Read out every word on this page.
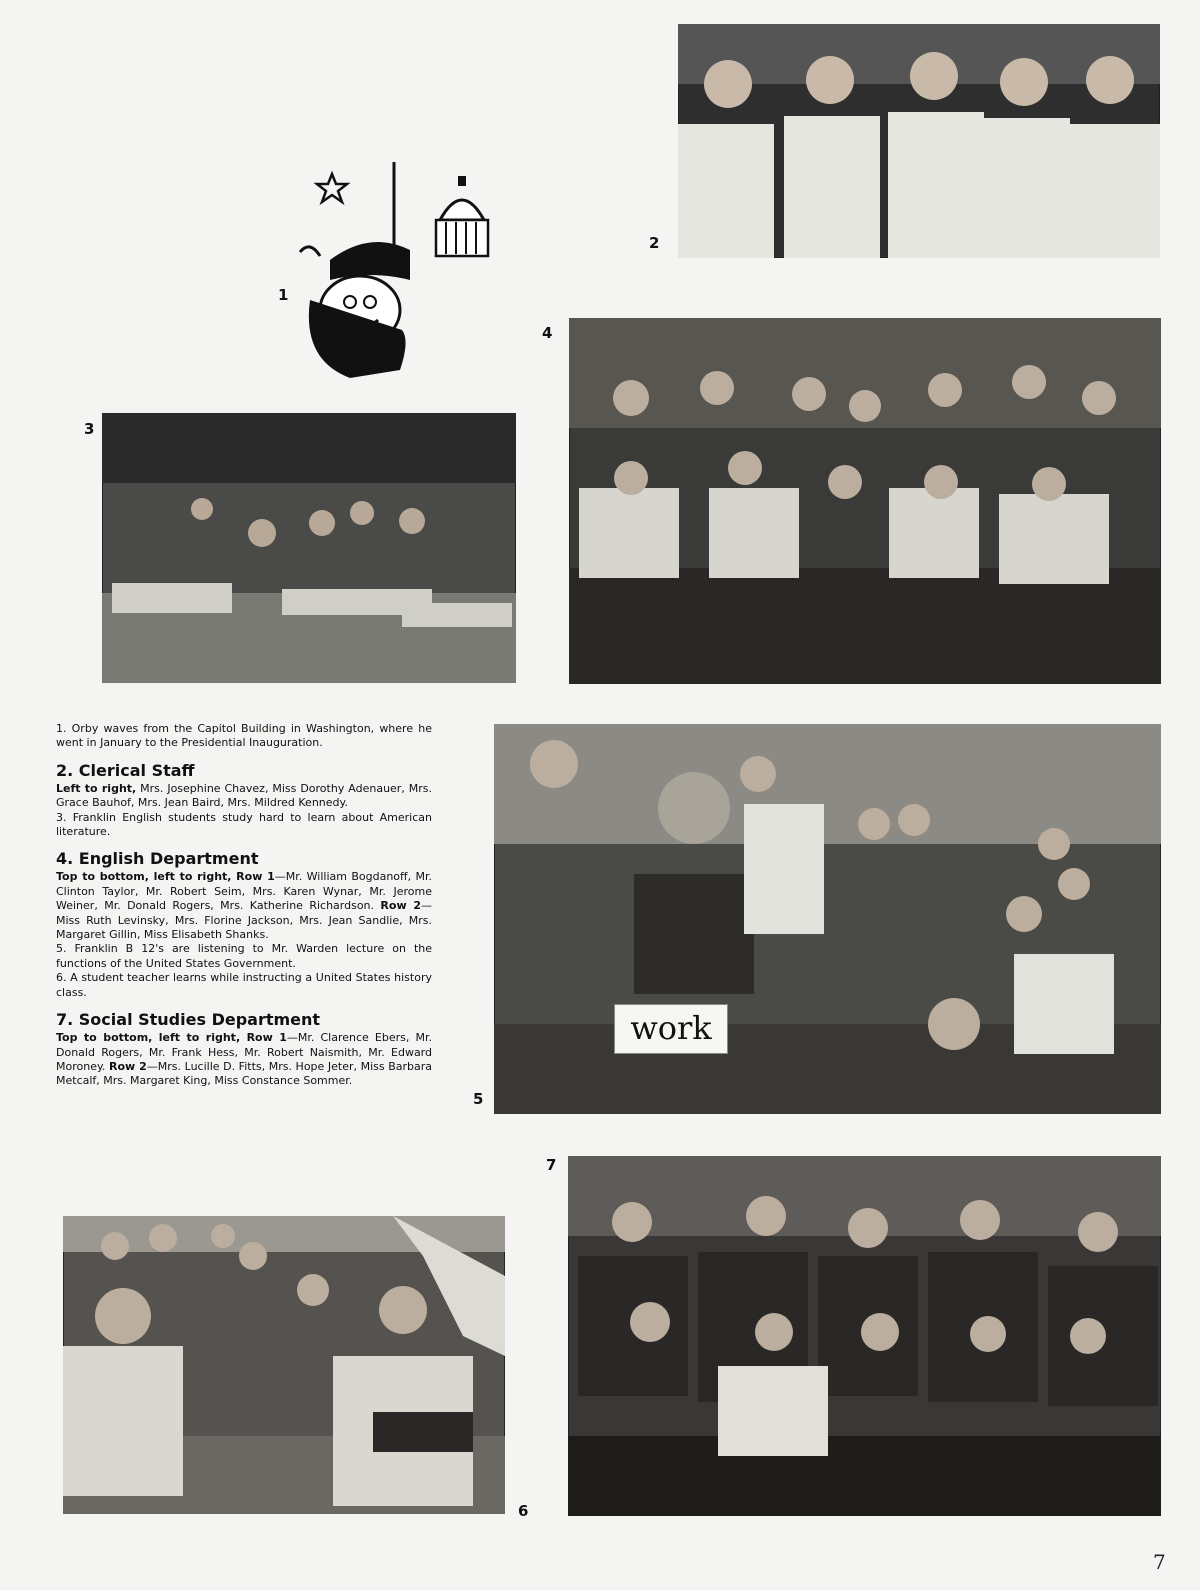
1
2
3
4

1. Orby waves from the Capitol Building in Washington, where he went in January to the Presidential Inauguration.

2. Clerical Staff

Left to right, Mrs. Josephine Chavez, Miss Dorothy Adenauer, Mrs. Grace Bauhof, Mrs. Jean Baird, Mrs. Mildred Kennedy.

3. Franklin English students study hard to learn about American literature.

4. English Department

Top to bottom, left to right, Row 1—Mr. William Bogdanoff, Mr. Clinton Taylor, Mr. Robert Seim, Mrs. Karen Wynar, Mr. Jerome Weiner, Mr. Donald Rogers, Mrs. Katherine Richardson. Row 2—Miss Ruth Levinsky, Mrs. Florine Jackson, Mrs. Jean Sandlie, Mrs. Margaret Gillin, Miss Elisabeth Shanks.

5. Franklin B 12's are listening to Mr. Warden lecture on the functions of the United States Government.

6. A student teacher learns while instructing a United States history class.

7. Social Studies Department

Top to bottom, left to right, Row 1—Mr. Clarence Ebers, Mr. Donald Rogers, Mr. Frank Hess, Mr. Robert Naismith, Mr. Edward Moroney. Row 2—Mrs. Lucille D. Fitts, Mrs. Hope Jeter, Miss Barbara Metcalf, Mrs. Margaret King, Miss Constance Sommer.

work
5
6
7
7
